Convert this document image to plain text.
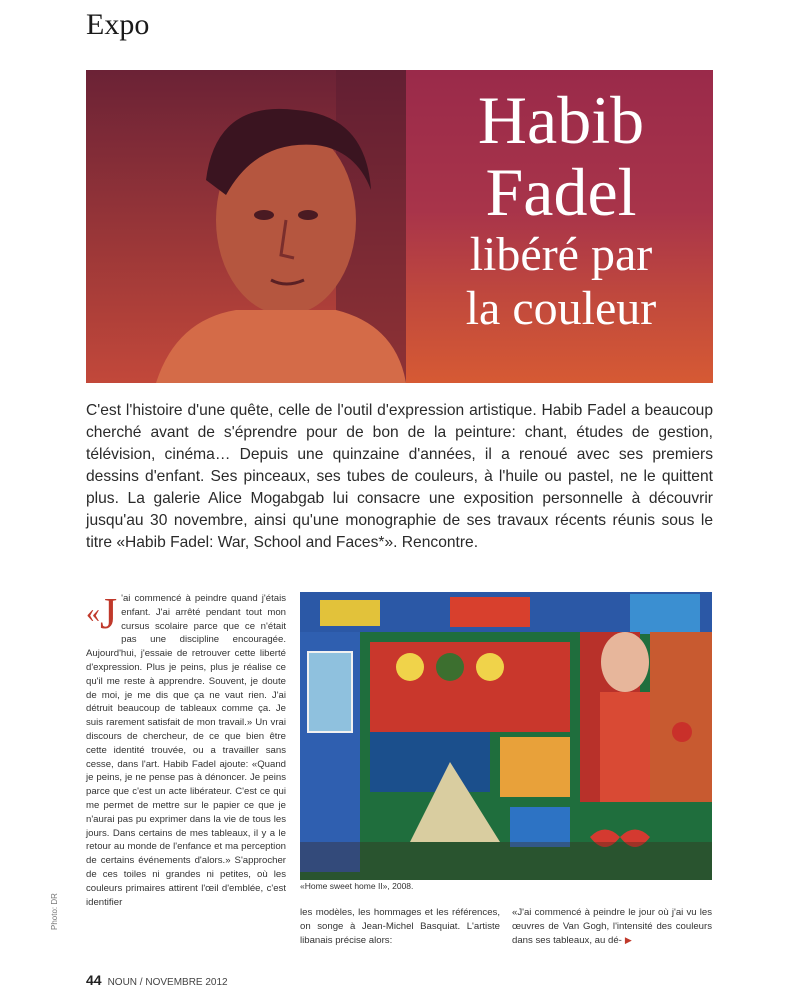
Expo
Habib
Fadel
libéré par
la couleur
C'est l'histoire d'une quête, celle de l'outil d'expression artistique. Habib Fadel a beaucoup cherché avant de s'éprendre pour de bon de la peinture: chant, études de gestion, télévision, cinéma… Depuis une quinzaine d'années, il a renoué avec ses premiers dessins d'enfant. Ses pinceaux, ses tubes de couleurs, à l'huile ou pastel, ne le quittent plus. La galerie Alice Mogabgab lui consacre une exposition personnelle à découvrir jusqu'au 30 novembre, ainsi qu'une monographie de ses travaux récents réunis sous le titre «Habib Fadel: War, School and Faces*». Rencontre.
«J 'ai commencé à peindre quand j'étais enfant. J'ai arrêté pendant tout mon cursus scolaire parce que ce n'était pas une discipline encouragée. Aujourd'hui, j'essaie de retrouver cette liberté d'expression. Plus je peins, plus je réalise ce qu'il me reste à apprendre. Souvent, je doute de moi, je me dis que ça ne vaut rien. J'ai détruit beaucoup de tableaux comme ça. Je suis rarement satisfait de mon travail.» Un vrai discours de chercheur, de ce que bien être cette identité trouvée, ou a travailler sans cesse, dans l'art. Habib Fadel ajoute: «Quand je peins, je ne pense pas à dénoncer. Je peins parce que c'est un acte libérateur. C'est ce qui me permet de mettre sur le papier ce que je n'aurai pas pu exprimer dans la vie de tous les jours. Dans certains de mes tableaux, il y a le retour au monde de l'enfance et ma perception de certains événements d'alors.» S'approcher de ces toiles ni grandes ni petites, où les couleurs primaires attirent l'œil d'emblée, c'est identifier
«Home sweet home II», 2008.
les modèles, les hommages et les références, on songe à Jean-Michel Basquiat. L'artiste libanais précise alors:
«J'ai commencé à peindre le jour où j'ai vu les œuvres de Van Gogh, l'intensité des couleurs dans ses tableaux, au dé- ▶
Photo: DR
44 NOUN / NOVEMBRE 2012
